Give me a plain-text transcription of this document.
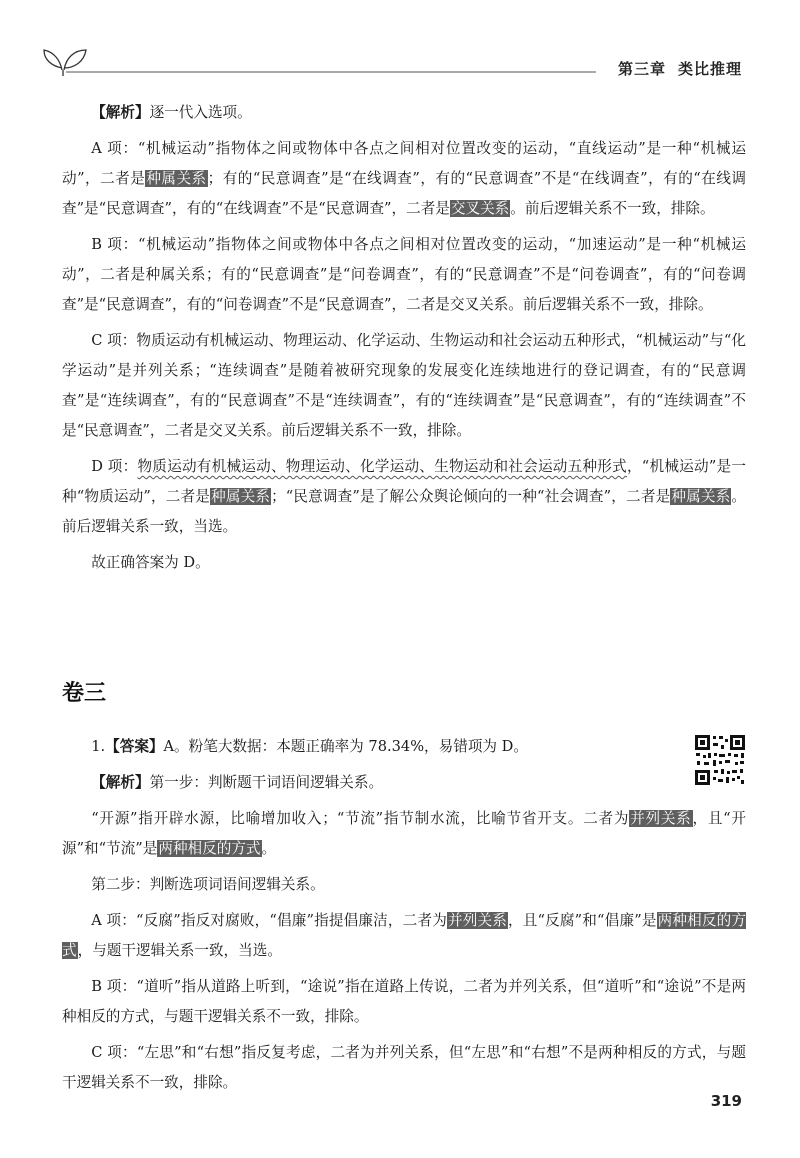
第三章 类比推理

【解析】逐一代入选项。

A 项：“机械运动”指物体之间或物体中各点之间相对位置改变的运动，“直线运动”是一种“机械运动”，二者是种属关系；有的“民意调查”是“在线调查”，有的“民意调查”不是“在线调查”，有的“在线调查”是“民意调查”，有的“在线调查”不是“民意调查”，二者是交叉关系。前后逻辑关系不一致，排除。

B 项：“机械运动”指物体之间或物体中各点之间相对位置改变的运动，“加速运动”是一种“机械运动”，二者是种属关系；有的“民意调查”是“问卷调查”，有的“民意调查”不是“问卷调查”，有的“问卷调查”是“民意调查”，有的“问卷调查”不是“民意调查”，二者是交叉关系。前后逻辑关系不一致，排除。

C 项：物质运动有机械运动、物理运动、化学运动、生物运动和社会运动五种形式，“机械运动”与“化学运动”是并列关系；“连续调查”是随着被研究现象的发展变化连续地进行的登记调查，有的“民意调查”是“连续调查”，有的“民意调查”不是“连续调查”，有的“连续调查”是“民意调查”，有的“连续调查”不是“民意调查”，二者是交叉关系。前后逻辑关系不一致，排除。

D 项：物质运动有机械运动、物理运动、化学运动、生物运动和社会运动五种形式，“机械运动”是一种“物质运动”，二者是种属关系；“民意调查”是了解公众舆论倾向的一种“社会调查”，二者是种属关系。前后逻辑关系一致，当选。

故正确答案为 D。

卷三

1.【答案】A。粉笔大数据：本题正确率为 78.34%，易错项为 D。

【解析】第一步：判断题干词语间逻辑关系。

“开源”指开辟水源，比喻增加收入；“节流”指节制水流，比喻节省开支。二者为并列关系，且“开源”和“节流”是两种相反的方式。

第二步：判断选项词语间逻辑关系。

A 项：“反腐”指反对腐败，“倡廉”指提倡廉洁，二者为并列关系，且“反腐”和“倡廉”是两种相反的方式，与题干逻辑关系一致，当选。

B 项：“道听”指从道路上听到，“途说”指在道路上传说，二者为并列关系，但“道听”和“途说”不是两种相反的方式，与题干逻辑关系不一致，排除。

C 项：“左思”和“右想”指反复考虑，二者为并列关系，但“左思”和“右想”不是两种相反的方式，与题干逻辑关系不一致，排除。

319
